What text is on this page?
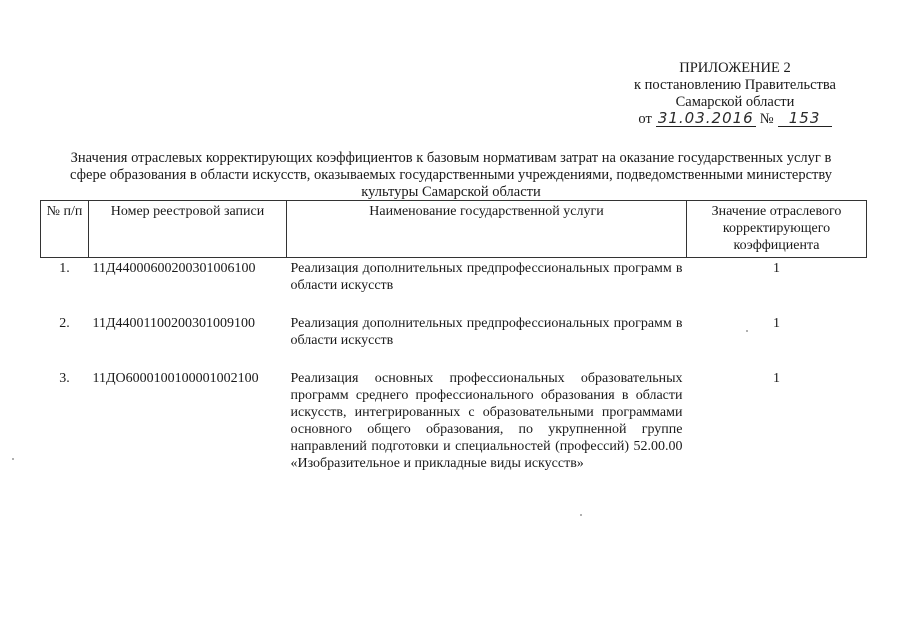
ПРИЛОЖЕНИЕ 2
к постановлению Правительства
Самарской области
от 31.03.2016 №	153
Значения отраслевых корректирующих коэффициентов к базовым нормативам затрат на оказание государственных услуг в сфере образования в области искусств, оказываемых государственными учреждениями, подведомственными министерству культуры Самарской области
№ п/п	Номер реестровой записи	Наименование государственной услуги	Значение отраслевого корректирующего коэффициента
1.	11Д44000600200301006100	Реализация дополнительных предпрофессиональных программ в области искусств	1
2.	11Д44001100200301009100	Реализация дополнительных предпрофессиональных программ в области искусств	1
3.	11ДО6000100100001002100	Реализация основных профессиональных образовательных программ среднего профессионального образования в области искусств, интегрированных с образовательными программами основного общего образования, по укрупненной группе направлений подготовки и специальностей (профессий) 52.00.00 «Изобразительное и прикладные виды искусств»	1
